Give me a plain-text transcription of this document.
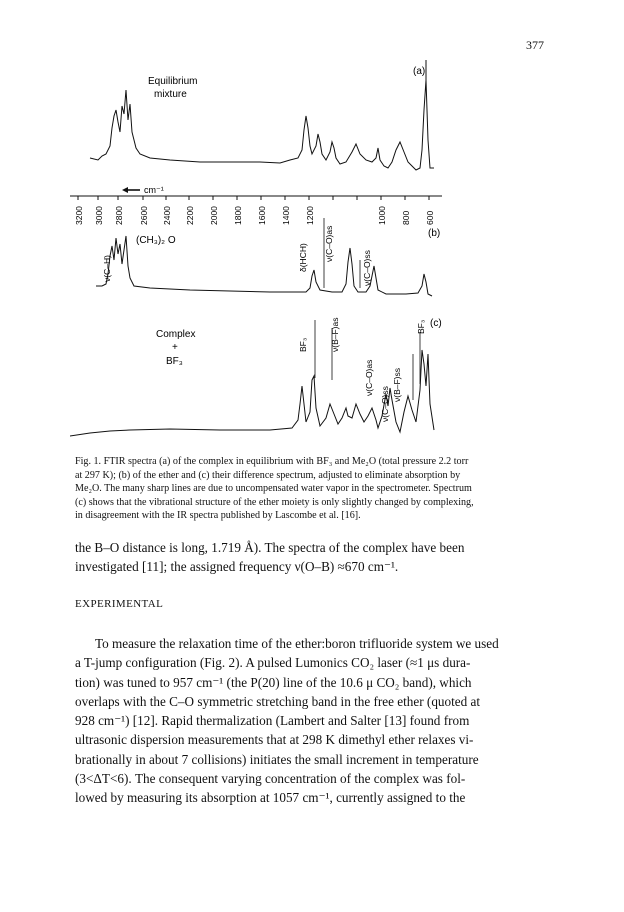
377
(a)
Equilibrium
mixture
cm⁻¹
3200 3000 2800 2600 2400 2200 2000 1800 1600 1400 1200	1000 800 600
(b)
(CH₃)₂ O
ν(C–H)	δ(HCH) ν(C–O)as
ν(C–O)ss
(c)
Complex
+
BF₃
BF₃	ν(B–F)as
ν(C–O)as
ν(C–O)ss
ν(B–F)ss
BF₃
Fig. 1. FTIR spectra (a) of the complex in equilibrium with BF₃ and Me₂O (total pressure 2.2 torr
at 297 K); (b) of the ether and (c) their difference spectrum, adjusted to eliminate absorption by
Me₂O. The many sharp lines are due to uncompensated water vapor in the spectrometer. Spectrum
(c) shows that the vibrational structure of the ether moiety is only slightly changed by complexing,
in disagreement with the IR spectra published by Lascombe et al. [16].
the B–O distance is long, 1.719 Å). The spectra of the complex have been
investigated [11]; the assigned frequency ν(O–B) ≈670 cm⁻¹.
EXPERIMENTAL
To measure the relaxation time of the ether:boron trifluoride system we used
a T-jump configuration (Fig. 2). A pulsed Lumonics CO₂ laser (≈1 μs dura-
tion) was tuned to 957 cm⁻¹ (the P(20) line of the 10.6 μ CO₂ band), which
overlaps with the C–O symmetric stretching band in the free ether (quoted at
928 cm⁻¹) [12]. Rapid thermalization (Lambert and Salter [13] found from
ultrasonic dispersion measurements that at 298 K dimethyl ether relaxes vi-
brationally in about 7 collisions) initiates the small increment in temperature
(3<ΔT<6). The consequent varying concentration of the complex was fol-
lowed by measuring its absorption at 1057 cm⁻¹, currently assigned to the
